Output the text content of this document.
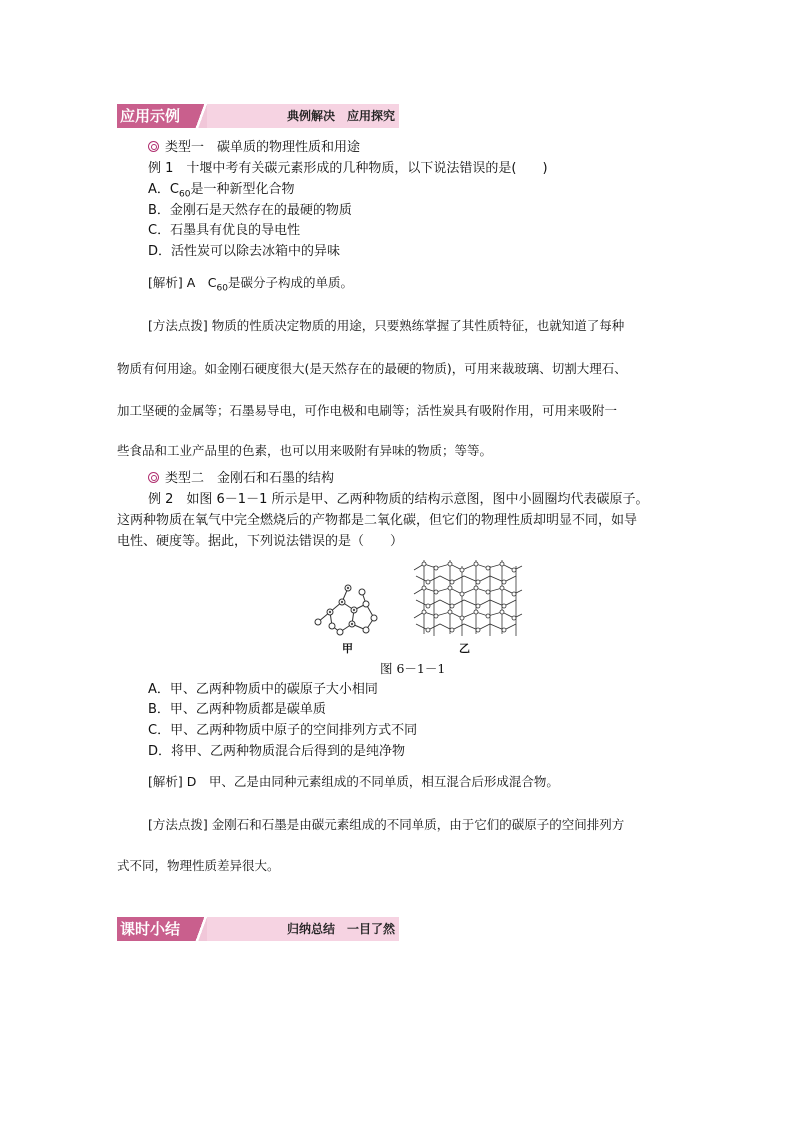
应用示例	典例解决　应用探究
类型一　碳单质的物理性质和用途
例 1　十堰中考有关碳元素形成的几种物质，以下说法错误的是(　　)
A．$C_{60}$是一种新型化合物
B．金刚石是天然存在的最硬的物质
C．石墨具有优良的导电性
D．活性炭可以除去冰箱中的异味
[解析] A　$C_{60}$是碳分子构成的单质。
[方法点拨] 物质的性质决定物质的用途，只要熟练掌握了其性质特征，也就知道了每种
物质有何用途。如金刚石硬度很大(是天然存在的最硬的物质)，可用来裁玻璃、切割大理石、
加工坚硬的金属等；石墨易导电，可作电极和电刷等；活性炭具有吸附作用，可用来吸附一
些食品和工业产品里的色素，也可以用来吸附有异味的物质；等等。
类型二　金刚石和石墨的结构
例 2　如图 6－1－1 所示是甲、乙两种物质的结构示意图，图中小圆圈均代表碳原子。
这两种物质在氧气中完全燃烧后的产物都是二氧化碳，但它们的物理性质却明显不同，如导
电性、硬度等。据此，下列说法错误的是（　　）
甲	乙
图 6－1－1
A．甲、乙两种物质中的碳原子大小相同
B．甲、乙两种物质都是碳单质
C．甲、乙两种物质中原子的空间排列方式不同
D．将甲、乙两种物质混合后得到的是纯净物
[解析] D　甲、乙是由同种元素组成的不同单质，相互混合后形成混合物。
[方法点拨] 金刚石和石墨是由碳元素组成的不同单质，由于它们的碳原子的空间排列方
式不同，物理性质差异很大。
课时小结	归纳总结　一目了然
